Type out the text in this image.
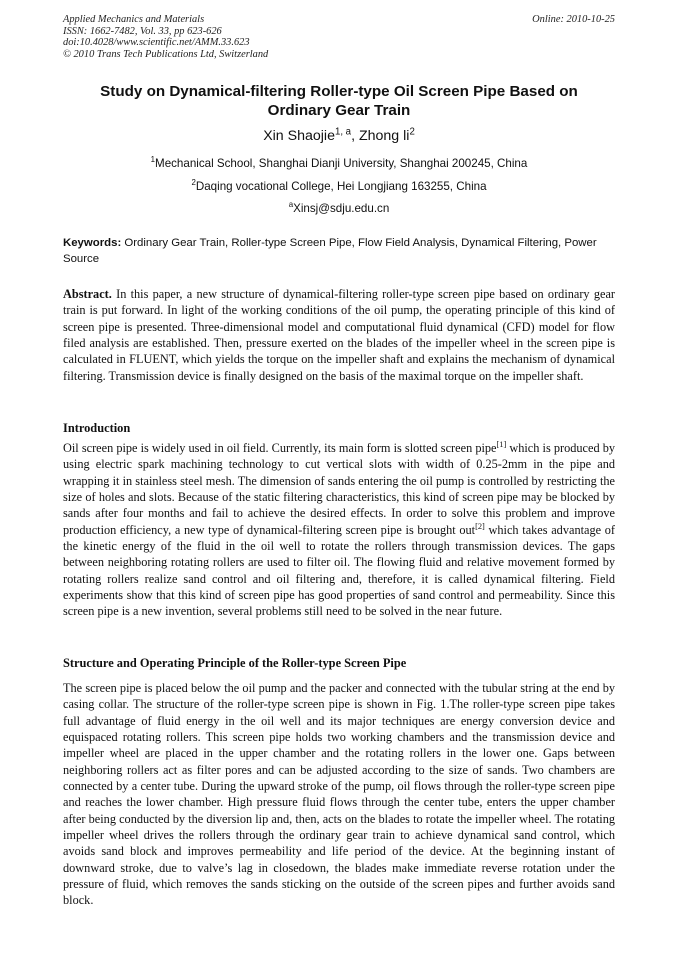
Applied Mechanics and Materials
ISSN: 1662-7482, Vol. 33, pp 623-626
doi:10.4028/www.scientific.net/AMM.33.623
© 2010 Trans Tech Publications Ltd, Switzerland
Online: 2010-10-25
Study on Dynamical-filtering Roller-type Oil Screen Pipe Based on Ordinary Gear Train
Xin Shaojie$^{1, a}$, Zhong $li^2$
$^1$Mechanical School, Shanghai Dianji University, Shanghai 200245, China
$^2$Daqing vocational College, Hei Longjiang 163255, China
$^a$Xinsj@sdju.edu.cn
Keywords: Ordinary Gear Train, Roller-type Screen Pipe, Flow Field Analysis, Dynamical Filtering, Power Source
Abstract. In this paper, a new structure of dynamical-filtering roller-type screen pipe based on ordinary gear train is put forward. In light of the working conditions of the oil pump, the operating principle of this kind of screen pipe is presented. Three-dimensional model and computational fluid dynamical (CFD) model for flow filed analysis are established. Then, pressure exerted on the blades of the impeller wheel in the screen pipe is calculated in FLUENT, which yields the torque on the impeller shaft and explains the mechanism of dynamical filtering. Transmission device is finally designed on the basis of the maximal torque on the impeller shaft.
Introduction
Oil screen pipe is widely used in oil field. Currently, its main form is slotted screen pipe[1] which is produced by using electric spark machining technology to cut vertical slots with width of 0.25-2mm in the pipe and wrapping it in stainless steel mesh. The dimension of sands entering the oil pump is controlled by restricting the size of holes and slots. Because of the static filtering characteristics, this kind of screen pipe may be blocked by sands after four months and fail to achieve the desired effects. In order to solve this problem and improve production efficiency, a new type of dynamical-filtering screen pipe is brought out[2] which takes advantage of the kinetic energy of the fluid in the oil well to rotate the rollers through transmission devices. The gaps between neighboring rotating rollers are used to filter oil. The flowing fluid and relative movement formed by rotating rollers realize sand control and oil filtering and, therefore, it is called dynamical filtering. Field experiments show that this kind of screen pipe has good properties of sand control and permeability. Since this screen pipe is a new invention, several problems still need to be solved in the near future.
Structure and Operating Principle of the Roller-type Screen Pipe
The screen pipe is placed below the oil pump and the packer and connected with the tubular string at the end by casing collar. The structure of the roller-type screen pipe is shown in Fig. 1.The roller-type screen pipe takes full advantage of fluid energy in the oil well and its major techniques are energy conversion device and equispaced rotating rollers. This screen pipe holds two working chambers and the transmission device and impeller wheel are placed in the upper chamber and the rotating rollers in the lower one. Gaps between neighboring rollers act as filter pores and can be adjusted according to the size of sands. Two chambers are connected by a center tube. During the upward stroke of the pump, oil flows through the roller-type screen pipe and reaches the lower chamber. High pressure fluid flows through the center tube, enters the upper chamber after being conducted by the diversion lip and, then, acts on the blades to rotate the impeller wheel. The rotating impeller wheel drives the rollers through the ordinary gear train to achieve dynamical sand control, which avoids sand block and improves permeability and life period of the device. At the beginning instant of downward stroke, due to valve’s lag in closedown, the blades make immediate reverse rotation under the pressure of fluid, which removes the sands sticking on the outside of the screen pipes and further avoids sand block.
